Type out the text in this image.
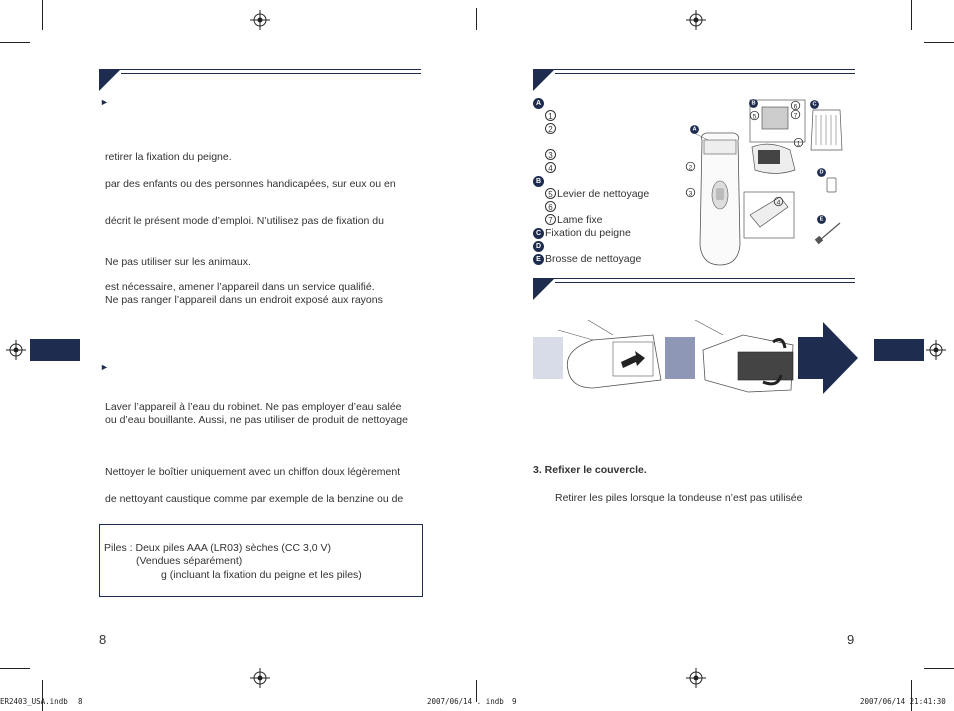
►
retirer la fixation du peigne.
par des enfants ou des personnes handicapées, sur eux ou en
décrit le présent mode d’emploi. N’utilisez pas de fixation du
Ne pas utiliser sur les animaux.
est nécessaire, amener l’appareil dans un service qualifié.
Ne pas ranger l’appareil dans un endroit exposé aux rayons
►
Laver l’appareil à l’eau du robinet. Ne pas employer d’eau salée
ou d’eau bouillante. Aussi, ne pas utiliser de produit de nettoyage
Nettoyer le boîtier uniquement avec un chiffon doux légèrement
de nettoyant caustique comme par exemple de la benzine ou de
Piles : Deux piles AAA (LR03) sèches (CC 3,0 V)
(Vendues séparément)
g (incluant la fixation du peigne et les piles)
8
A
1
2
3
4
B
5 Levier de nettoyage
6
7 Lame fixe
C Fixation du peigne
D
E Brosse de nettoyage
A
B	C
D
E
1
2
3
4
5
6
7
3. Refixer le couvercle.
Retirer les piles lorsque la tondeuse n’est pas utilisée
9
ER2403_USA.indb 8	2007/06/14 . indb 9	2007/06/14 21:41:30
